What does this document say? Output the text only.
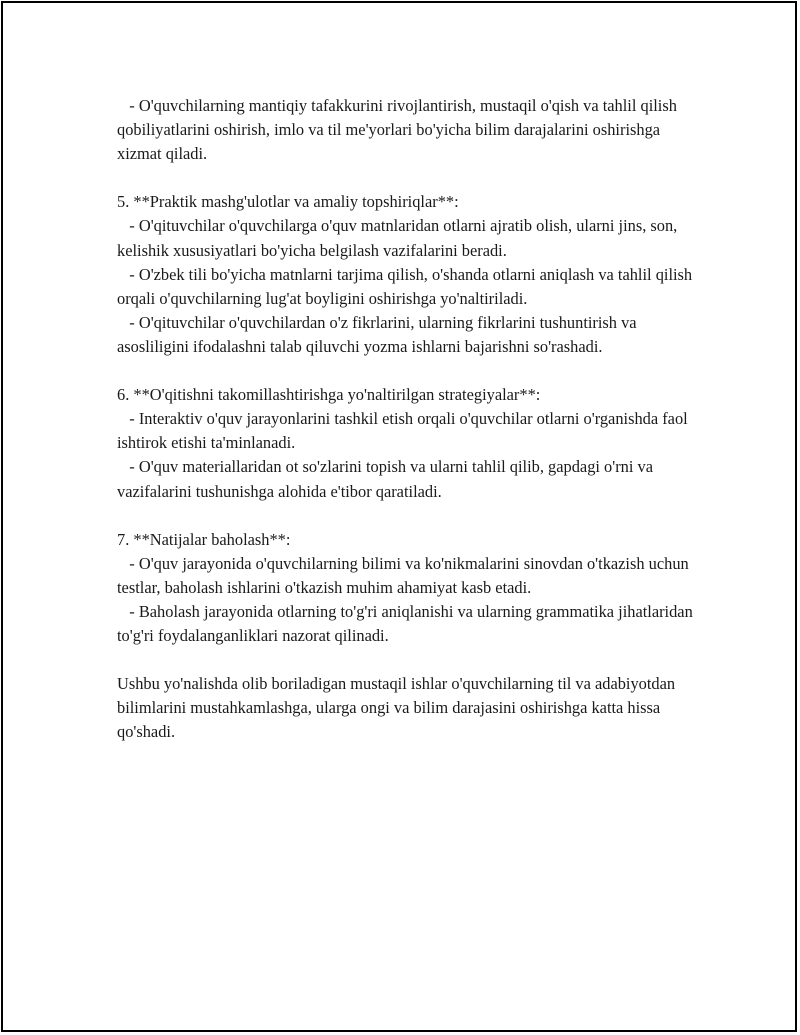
- O'quvchilarning mantiqiy tafakkurini rivojlantirish, mustaqil o'qish va tahlil qilish qobiliyatlarini oshirish, imlo va til me'yorlari bo'yicha bilim darajalarini oshirishga xizmat qiladi.

5. **Praktik mashg'ulotlar va amaliy topshiriqlar**:

- O'qituvchilar o'quvchilarga o'quv matnlaridan otlarni ajratib olish, ularni jins, son, kelishik xususiyatlari bo'yicha belgilash vazifalarini beradi.

- O'zbek tili bo'yicha matnlarni tarjima qilish, o'shanda otlarni aniqlash va tahlil qilish orqali o'quvchilarning lug'at boyligini oshirishga yo'naltiriladi.

- O'qituvchilar o'quvchilardan o'z fikrlarini, ularning fikrlarini tushuntirish va asosliligini ifodalashni talab qiluvchi yozma ishlarni bajarishni so'rashadi.

6. **O'qitishni takomillashtirishga yo'naltirilgan strategiyalar**:

- Interaktiv o'quv jarayonlarini tashkil etish orqali o'quvchilar otlarni o'rganishda faol ishtirok etishi ta'minlanadi.

- O'quv materiallaridan ot so'zlarini topish va ularni tahlil qilib, gapdagi o'rni va vazifalarini tushunishga alohida e'tibor qaratiladi.

7. **Natijalar baholash**:

- O'quv jarayonida o'quvchilarning bilimi va ko'nikmalarini sinovdan o'tkazish uchun testlar, baholash ishlarini o'tkazish muhim ahamiyat kasb etadi.

- Baholash jarayonida otlarning to'g'ri aniqlanishi va ularning grammatika jihatlaridan to'g'ri foydalanganliklari nazorat qilinadi.

Ushbu yo'nalishda olib boriladigan mustaqil ishlar o'quvchilarning til va adabiyotdan bilimlarini mustahkamlashga, ularga ongi va bilim darajasini oshirishga katta hissa qo'shadi.
